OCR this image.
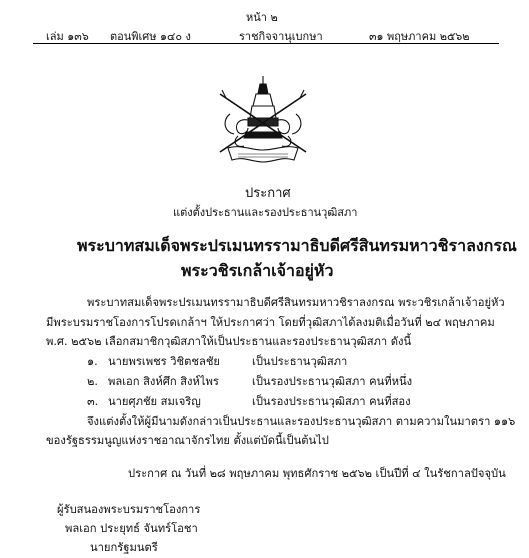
หน้า ๒
เล่ม ๑๓๖ ตอนพิเศษ ๑๔๐ ง	ราชกิจจานุเบกษา	๓๑ พฤษภาคม ๒๕๖๒
ประกาศ
แต่งตั้งประธานและรองประธานวุฒิสภา
พระบาทสมเด็จพระปรเมนทรรามาธิบดีศรีสินทรมหาวชิราลงกรณ
พระวชิรเกล้าเจ้าอยู่หัว
พระบาทสมเด็จพระปรเมนทรรามาธิบดีศรีสินทรมหาวชิราลงกรณ พระวชิรเกล้าเจ้าอยู่หัว
มีพระบรมราชโองการโปรดเกล้าฯ ให้ประกาศว่า โดยที่วุฒิสภาได้ลงมติเมื่อวันที่ ๒๔ พฤษภาคม
พ.ศ. ๒๕๖๒ เลือกสมาชิกวุฒิสภาให้เป็นประธานและรองประธานวุฒิสภา ดังนี้
๑. นายพรเพชร วิชิตชลชัย	เป็นประธานวุฒิสภา
๒. พลเอก สิงห์ศึก สิงห์ไพร	เป็นรองประธานวุฒิสภา คนที่หนึ่ง
๓. นายศุภชัย สมเจริญ	เป็นรองประธานวุฒิสภา คนที่สอง
จึงแต่งตั้งให้ผู้มีนามดังกล่าวเป็นประธานและรองประธานวุฒิสภา ตามความในมาตรา ๑๑๖
ของรัฐธรรมนูญแห่งราชอาณาจักรไทย ตั้งแต่บัดนี้เป็นต้นไป
ประกาศ ณ วันที่ ๒๘ พฤษภาคม พุทธศักราช ๒๕๖๒ เป็นปีที่ ๔ ในรัชกาลปัจจุบัน
ผู้รับสนองพระบรมราชโองการ
พลเอก ประยุทธ์ จันทร์โอชา
นายกรัฐมนตรี
